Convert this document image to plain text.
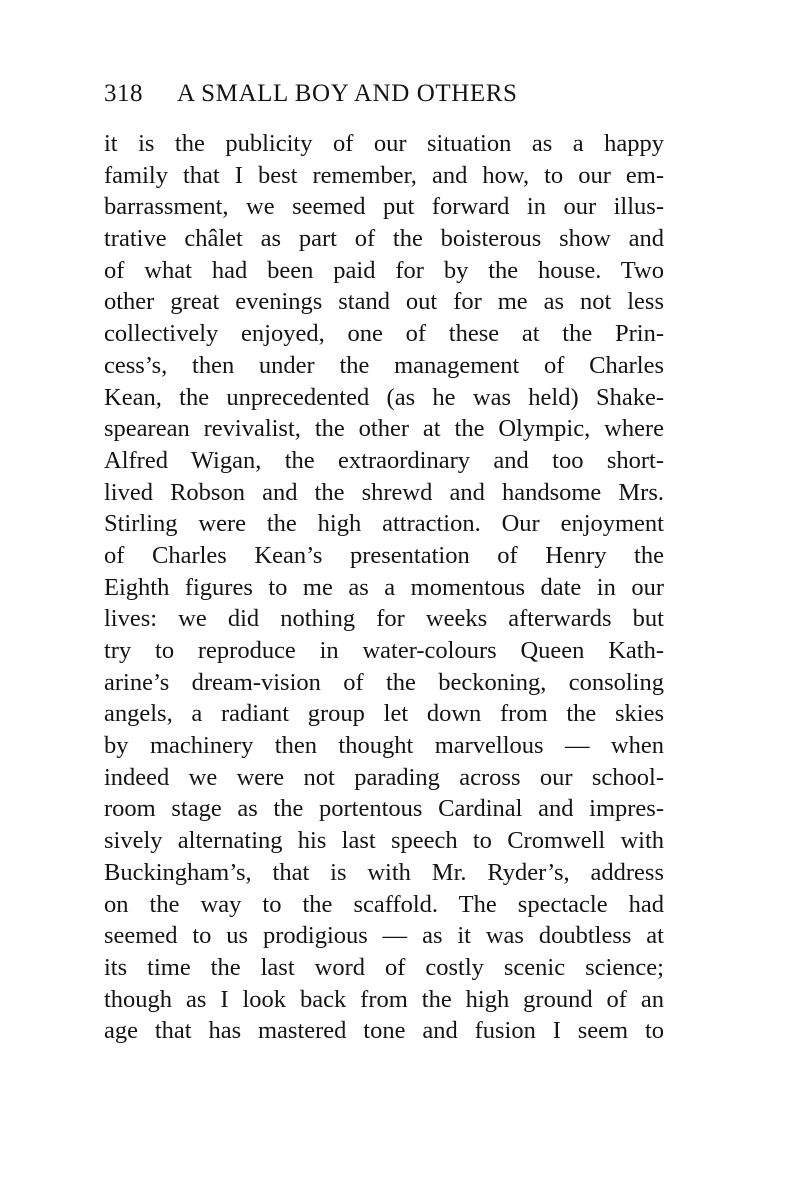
318 A SMALL BOY AND OTHERS
it is the publicity of our situation as a happy
family that I best remember, and how, to our em-
barrassment, we seemed put forward in our illus-
trative châlet as part of the boisterous show and
of what had been paid for by the house. Two
other great evenings stand out for me as not less
collectively enjoyed, one of these at the Prin-
cess’s, then under the management of Charles
Kean, the unprecedented (as he was held) Shake-
spearean revivalist, the other at the Olympic, where
Alfred Wigan, the extraordinary and too short-
lived Robson and the shrewd and handsome Mrs.
Stirling were the high attraction. Our enjoyment
of Charles Kean’s presentation of Henry the
Eighth figures to me as a momentous date in our
lives: we did nothing for weeks afterwards but
try to reproduce in water-colours Queen Kath-
arine’s dream-vision of the beckoning, consoling
angels, a radiant group let down from the skies
by machinery then thought marvellous — when
indeed we were not parading across our school-
room stage as the portentous Cardinal and impres-
sively alternating his last speech to Cromwell with
Buckingham’s, that is with Mr. Ryder’s, address
on the way to the scaffold. The spectacle had
seemed to us prodigious — as it was doubtless at
its time the last word of costly scenic science;
though as I look back from the high ground of an
age that has mastered tone and fusion I seem to
